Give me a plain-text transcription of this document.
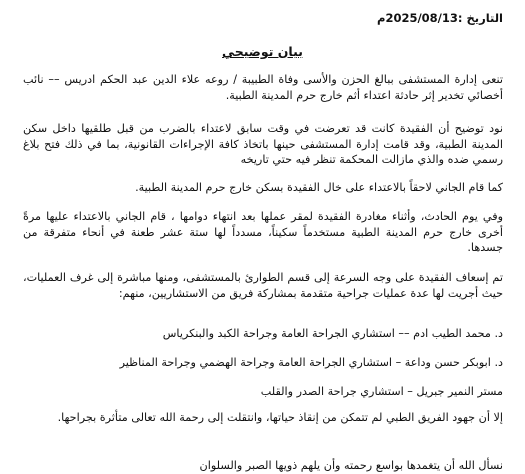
التاريخ :2025/08/13م
بيان توضيحي

تنعى إدارة المستشفى ببالغ الحزن والأسى وفاة الطبيبة / روعه علاء الدين عبد الحكم ادريس –– نائب أخصائي تخدير إثر حادثة اعتداء أثم خارج حرم المدينة الطبية.

نود توضيح أن الفقيدة كانت قد تعرضت في وقت سابق لاعتداء بالضرب من قبل طلقيها داخل سكن المدينة الطبية، وقد قامت إدارة المستشفى حينها باتخاذ كافة الإجراءات القانونية، بما في ذلك فتح بلاغ رسمي ضده والذي مازالت المحكمة تنظر فيه حتي تاريخه

كما قام الجاني لاحقاً بالاعتداء على خال الفقيدة بسكن خارج حرم المدينة الطبية.

وفي يوم الحادث، وأثناء مغادرة الفقيدة لمقر عملها بعد انتهاء دوامها ، قام الجاني بالاعتداء عليها مرةً أخرى خارج حرم المدينة الطبية مستخدماً سكيناً، مسدداً لها ستة عشر طعنة في أنحاء متفرقة من جسدها.

تم إسعاف الفقيدة على وجه السرعة إلى قسم الطوارئ بالمستشفى، ومنها مباشرة إلى غرف العمليات، حيث أجريت لها عدة عمليات جراحية متقدمة بمشاركة فريق من الاستشاريين، منهم:

د. محمد الطيب ادم –– استشاري الجراحة العامة وجراحة الكبد والبنكرياس

د. ابوبكر حسن وداعة – استشاري الجراحة العامة وجراحة الهضمي وجراحة المناظير

مستر النمير جبريل – استشاري جراحة الصدر والقلب

إلا أن جهود الفريق الطبي لم تتمكن من إنقاذ حياتها، وانتقلت إلى رحمة الله تعالى متأثرة بجراحها.

نسأل الله أن يتغمدها بواسع رحمته وأن يلهم ذويها الصبر والسلوان
